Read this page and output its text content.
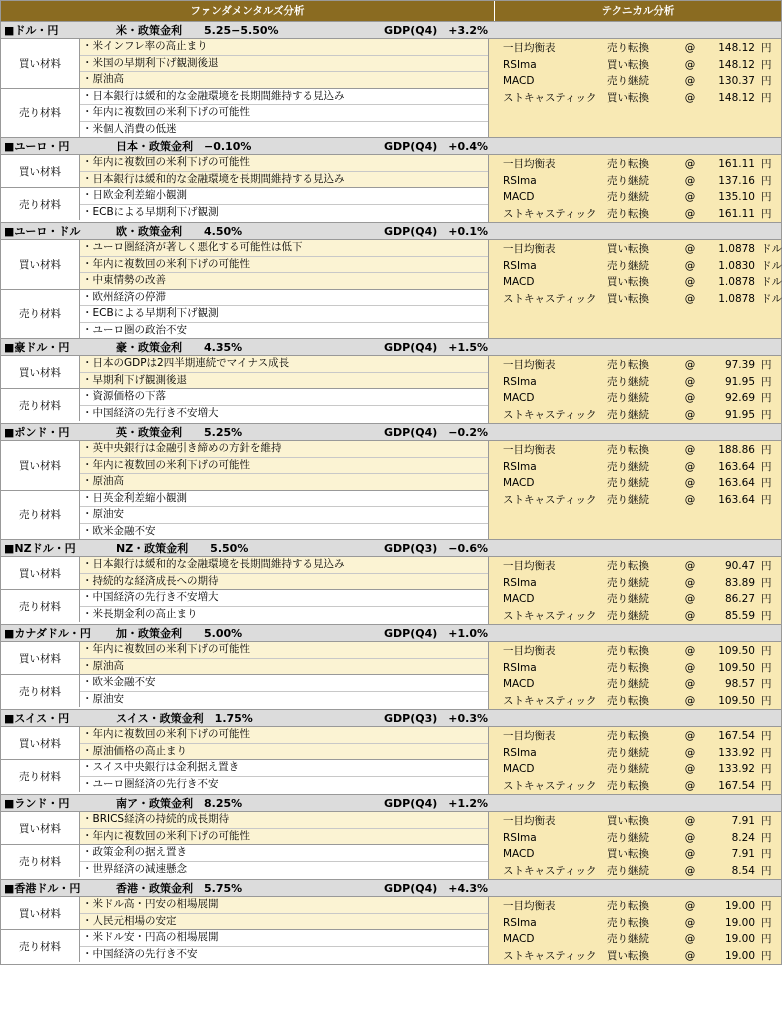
ファンダメンタルズ分析	テクニカル分析
■ドル・円	米・政策金利　　5.25−5.50%	GDP(Q4)　+3.2%
買い材料
・米インフレ率の高止まり
・米国の早期利下げ観測後退
・原油高
売り材料
・日本銀行は緩和的な金融環境を長期間維持する見込み
・年内に複数回の米利下げの可能性
・米個人消費の低迷
一目均衡表	売り転換	@	148.12 円
RSIma	買い転換	@	148.12 円
MACD	売り継続	@	130.37 円
ストキャスティック	買い転換	@	148.12 円
■ユーロ・円	日本・政策金利　−0.10%	GDP(Q4)　+0.4%
買い材料
・年内に複数回の米利下げの可能性
・日本銀行は緩和的な金融環境を長期間維持する見込み
売り材料
・日欧金利差縮小観測
・ECBによる早期利下げ観測
一目均衡表	売り転換	@	161.11 円
RSIma	売り継続	@	137.16 円
MACD	売り継続	@	135.10 円
ストキャスティック	売り転換	@	161.11 円
■ユーロ・ドル	欧・政策金利　　4.50%	GDP(Q4)　+0.1%
買い材料
・ユーロ圏経済が著しく悪化する可能性は低下
・年内に複数回の米利下げの可能性
・中東情勢の改善
売り材料
・欧州経済の停滞
・ECBによる早期利下げ観測
・ユーロ圏の政治不安
一目均衡表	買い転換	@	1.0878 ドル
RSIma	売り継続	@	1.0830 ドル
MACD	買い転換	@	1.0878 ドル
ストキャスティック	買い転換	@	1.0878 ドル
■豪ドル・円	豪・政策金利　　4.35%	GDP(Q4)　+1.5%
買い材料
・日本のGDPは2四半期連続でマイナス成長
・早期利下げ観測後退
売り材料
・資源価格の下落
・中国経済の先行き不安増大
一目均衡表	売り転換	@	97.39 円
RSIma	売り継続	@	91.95 円
MACD	売り継続	@	92.69 円
ストキャスティック	売り継続	@	91.95 円
■ポンド・円	英・政策金利　　5.25%	GDP(Q4)　−0.2%
買い材料
・英中央銀行は金融引き締めの方針を維持
・年内に複数回の米利下げの可能性
・原油高
売り材料
・日英金利差縮小観測
・原油安
・欧米金融不安
一目均衡表	売り転換	@	188.86 円
RSIma	売り継続	@	163.64 円
MACD	売り継続	@	163.64 円
ストキャスティック	売り継続	@	163.64 円
■NZドル・円	NZ・政策金利　　5.50%	GDP(Q3)　−0.6%
買い材料
・日本銀行は緩和的な金融環境を長期間維持する見込み
・持続的な経済成長への期待
売り材料
・中国経済の先行き不安増大
・米長期金利の高止まり
一目均衡表	売り転換	@	90.47 円
RSIma	売り継続	@	83.89 円
MACD	売り継続	@	86.27 円
ストキャスティック	売り継続	@	85.59 円
■カナダドル・円	加・政策金利　　5.00%	GDP(Q4)　+1.0%
買い材料
・年内に複数回の米利下げの可能性
・原油高
売り材料
・欧米金融不安
・原油安
一目均衡表	売り転換	@	109.50 円
RSIma	売り転換	@	109.50 円
MACD	売り継続	@	98.57 円
ストキャスティック	売り転換	@	109.50 円
■スイス・円	スイス・政策金利　1.75%	GDP(Q3)　+0.3%
買い材料
・年内に複数回の米利下げの可能性
・原油価格の高止まり
売り材料
・スイス中央銀行は金利据え置き
・ユーロ圏経済の先行き不安
一目均衡表	売り転換	@	167.54 円
RSIma	売り継続	@	133.92 円
MACD	売り継続	@	133.92 円
ストキャスティック	売り転換	@	167.54 円
■ランド・円	南ア・政策金利　8.25%	GDP(Q4)　+1.2%
買い材料
・BRICS経済の持続的成長期待
・年内に複数回の米利下げの可能性
売り材料
・政策金利の据え置き
・世界経済の減速懸念
一目均衡表	買い転換	@	7.91 円
RSIma	売り継続	@	8.24 円
MACD	買い転換	@	7.91 円
ストキャスティック	売り継続	@	8.54 円
■香港ドル・円	香港・政策金利　5.75%	GDP(Q4)　+4.3%
買い材料
・米ドル高・円安の相場展開
・人民元相場の安定
売り材料
・米ドル安・円高の相場展開
・中国経済の先行き不安
一目均衡表	売り転換	@	19.00 円
RSIma	売り転換	@	19.00 円
MACD	売り継続	@	19.00 円
ストキャスティック	買い転換	@	19.00 円
